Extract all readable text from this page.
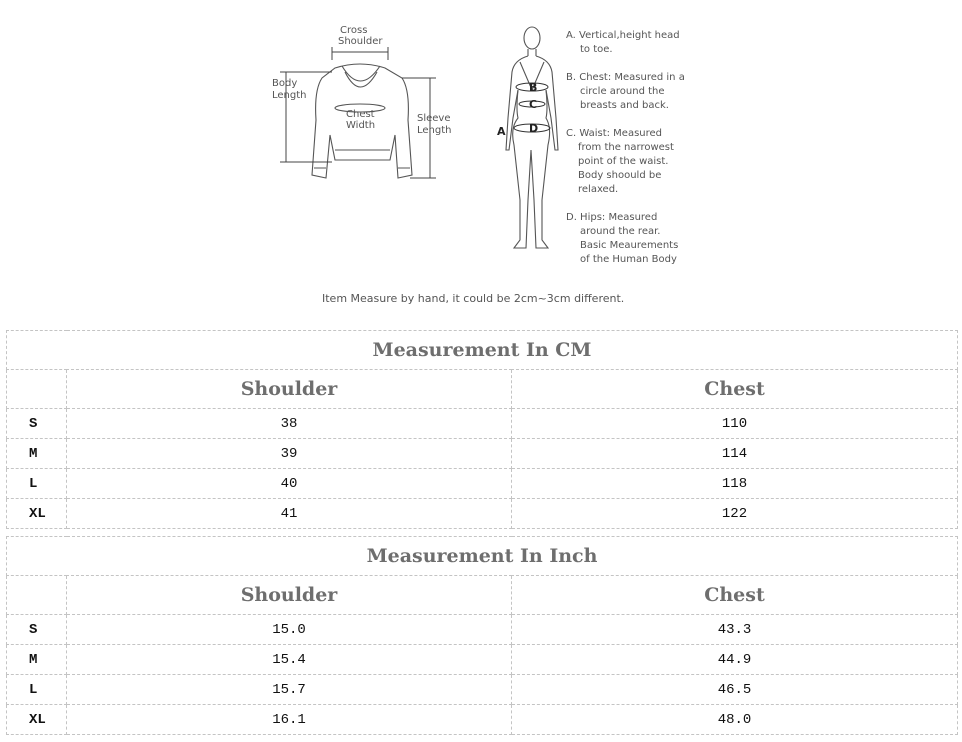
Cross
Shoulder
Body
Length
Chest
Width
Sleeve
Length	A
B
C
D
A. Vertical,height head
to toe.
B. Chest: Measured in a
circle around the
breasts and back.
C. Waist: Measured
from the narrowest
point of the waist.
Body shoould be
relaxed.
D. Hips: Measured
around the rear.
Basic Meaurements
of the Human Body
Item Measure by hand, it could be 2cm~3cm different.
Measurement In CM		
	Shoulder	Chest
S	38	110
M	39	114
L	40	118
XL	41	122
Measurement In Inch		
	Shoulder	Chest
S	15.0	43.3
M	15.4	44.9
L	15.7	46.5
XL	16.1	48.0
